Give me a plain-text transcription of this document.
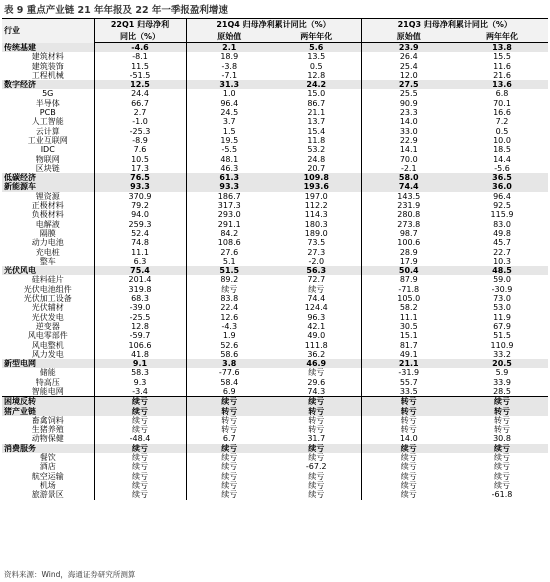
表 9 重点产业链 21 年年报及 22 年一季报盈利增速
行业	22Q1 归母净利	21Q4 归母净利累计同比（%）		21Q3 归母净利累计同比（%）	
	同比（%）	原始值	两年年化	原始值	两年年化
传统基建	-4.6	2.1	5.6	23.9	13.8
建筑材料	-8.1	18.9	13.5	26.4	15.5
建筑装饰	11.5	-3.8	0.5	25.4	11.6
工程机械	-51.5	-7.1	12.8	12.0	21.6
数字经济	12.5	31.3	24.2	27.5	13.6
5G	24.4	1.0	15.0	25.5	6.8
半导体	66.7	96.4	86.7	90.9	70.1
PCB	2.7	24.5	21.1	23.3	16.6
人工智能	-1.0	3.7	13.7	14.0	7.2
云计算	-25.3	1.5	15.4	33.0	0.5
工业互联网	-8.9	19.5	11.8	22.9	10.0
IDC	7.6	-5.5	53.2	14.1	18.5
物联网	10.5	48.1	24.8	70.0	14.4
区块链	17.3	46.3	20.7	-2.1	-5.6
低碳经济	76.5	61.3	109.8	58.0	36.5
新能源车	93.3	93.3	193.6	74.4	36.0
锂资源	370.9	186.7	197.0	143.5	96.4
正极材料	79.2	317.3	112.2	231.9	92.5
负极材料	94.0	293.0	114.3	280.8	115.9
电解液	259.3	291.1	180.3	273.8	83.0
隔膜	52.4	84.2	189.0	98.7	49.8
动力电池	74.8	108.6	73.5	100.6	45.7
充电桩	11.1	27.6	27.3	28.9	22.7
整车	6.3	5.1	-2.0	17.9	10.3
光伏风电	75.4	51.5	56.3	50.4	48.5
硅料硅片	201.4	89.2	72.7	87.9	59.0
光伏电池组件	319.8	续亏	续亏	-71.8	-30.9
光伏加工设备	68.3	83.8	74.4	105.0	73.0
光伏辅材	-39.0	22.4	124.4	58.2	53.0
光伏发电	-25.5	12.6	96.3	11.1	11.9
逆变器	12.8	-4.3	42.1	30.5	67.9
风电零部件	-59.7	1.9	49.0	15.1	51.5
风电整机	106.6	52.6	111.8	81.7	110.9
风力发电	41.8	58.6	36.2	49.1	33.2
新型电网	9.1	3.8	46.9	21.1	20.5
储能	58.3	-77.6	续亏	-31.9	5.9
特高压	9.3	58.4	29.6	55.7	33.9
智能电网	-3.4	6.9	74.3	33.5	28.5
困境反转	续亏	续亏	续亏	转亏	续亏
猪产业链	续亏	转亏	转亏	转亏	转亏
畜禽饲料	续亏	转亏	转亏	转亏	转亏
生猪养殖	续亏	转亏	转亏	转亏	转亏
动物保健	-48.4	6.7	31.7	14.0	30.8
消费服务	续亏	续亏	续亏	续亏	续亏
餐饮	续亏	续亏	续亏	续亏	续亏
酒店	续亏	续亏	-67.2	续亏	续亏
航空运输	续亏	续亏	续亏	续亏	续亏
机场	续亏	续亏	续亏	续亏	续亏
旅游景区	续亏	续亏	续亏	续亏	-61.8
资料来源：Wind，海通证券研究所测算
